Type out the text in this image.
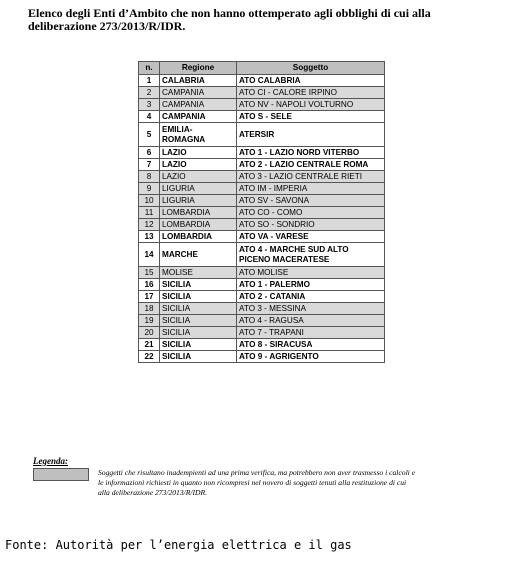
Elenco degli Enti d’Ambito che non hanno ottemperato agli obblighi di cui alla deliberazione 273/2013/R/IDR.

n.	Regione	Soggetto
1	CALABRIA	ATO CALABRIA
2	CAMPANIA	ATO CI - CALORE IRPINO
3	CAMPANIA	ATO NV - NAPOLI VOLTURNO
4	CAMPANIA	ATO S - SELE
5	EMILIA-ROMAGNA	ATERSIR
6	LAZIO	ATO 1 - LAZIO NORD VITERBO
7	LAZIO	ATO 2 - LAZIO CENTRALE ROMA
8	LAZIO	ATO 3 - LAZIO CENTRALE RIETI
9	LIGURIA	ATO IM - IMPERIA
10	LIGURIA	ATO SV - SAVONA
11	LOMBARDIA	ATO CO - COMO
12	LOMBARDIA	ATO SO - SONDRIO
13	LOMBARDIA	ATO VA - VARESE
14	MARCHE	ATO 4 - MARCHE SUD ALTO PICENO MACERATESE
15	MOLISE	ATO MOLISE
16	SICILIA	ATO 1 - PALERMO
17	SICILIA	ATO 2 - CATANIA
18	SICILIA	ATO 3 - MESSINA
19	SICILIA	ATO 4 - RAGUSA
20	SICILIA	ATO 7 - TRAPANI
21	SICILIA	ATO 8 - SIRACUSA
22	SICILIA	ATO 9 - AGRIGENTO
Legenda:

Soggetti che risultano inadempienti ad una prima verifica, ma potrebbero non aver trasmesso i calcoli e le informazioni richiesti in quanto non ricompresi nel novero di soggetti tenuti alla restituzione di cui alla deliberazione 273/2013/R/IDR.

Fonte: Autorità per l’energia elettrica e il gas
